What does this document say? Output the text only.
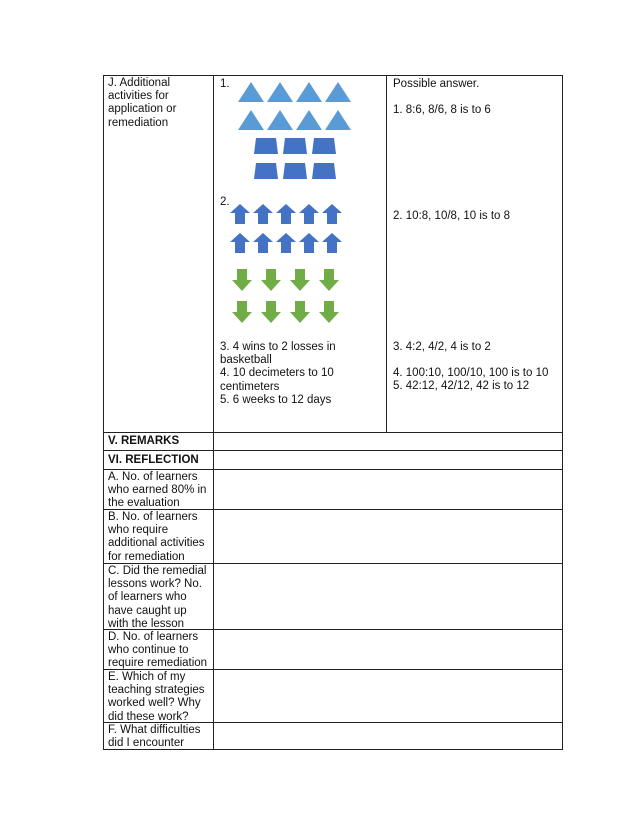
J. Additional activities for application or remediation
1.
2.
3. 4 wins to 2 losses in basketball
4. 10 decimeters to 10 centimeters
5. 6 weeks to 12 days
Possible answer.
1. 8:6, 8/6, 8 is to 6
2. 10:8, 10/8, 10 is to 8
3. 4:2, 4/2, 4 is to 2
4. 100:10, 100/10, 100 is to 10
5. 42:12, 42/12, 42 is to 12
V. REMARKS
VI. REFLECTION
A. No. of learners who earned 80% in the evaluation
B. No. of learners who require additional activities for remediation
C. Did the remedial lessons work? No. of learners who have caught up with the lesson
D. No. of learners who continue to require remediation
E. Which of my teaching strategies worked well? Why did these work?
F. What difficulties did I encounter
